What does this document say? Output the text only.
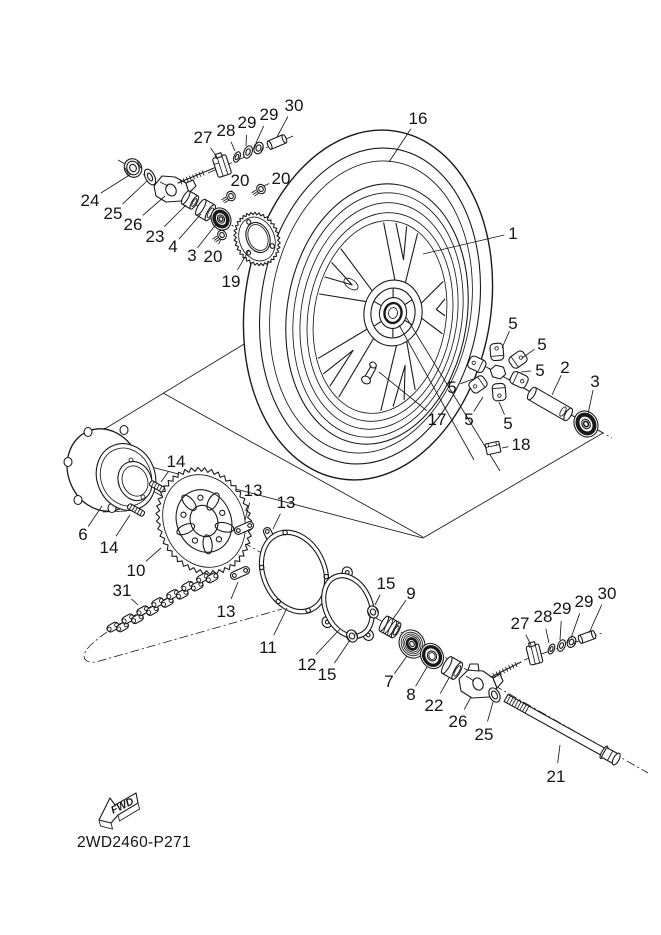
24
25
26
23
4 3 20
19
27 28 29 29 30
20 20
16
1
5
5
5
5
5 5
2
3
18
17
6
14
14
10
31
13
13
13
11
12
15
15
9
7
8
22
26
25
27 28 29 29 30
21
FWD
2WD2460-P271
